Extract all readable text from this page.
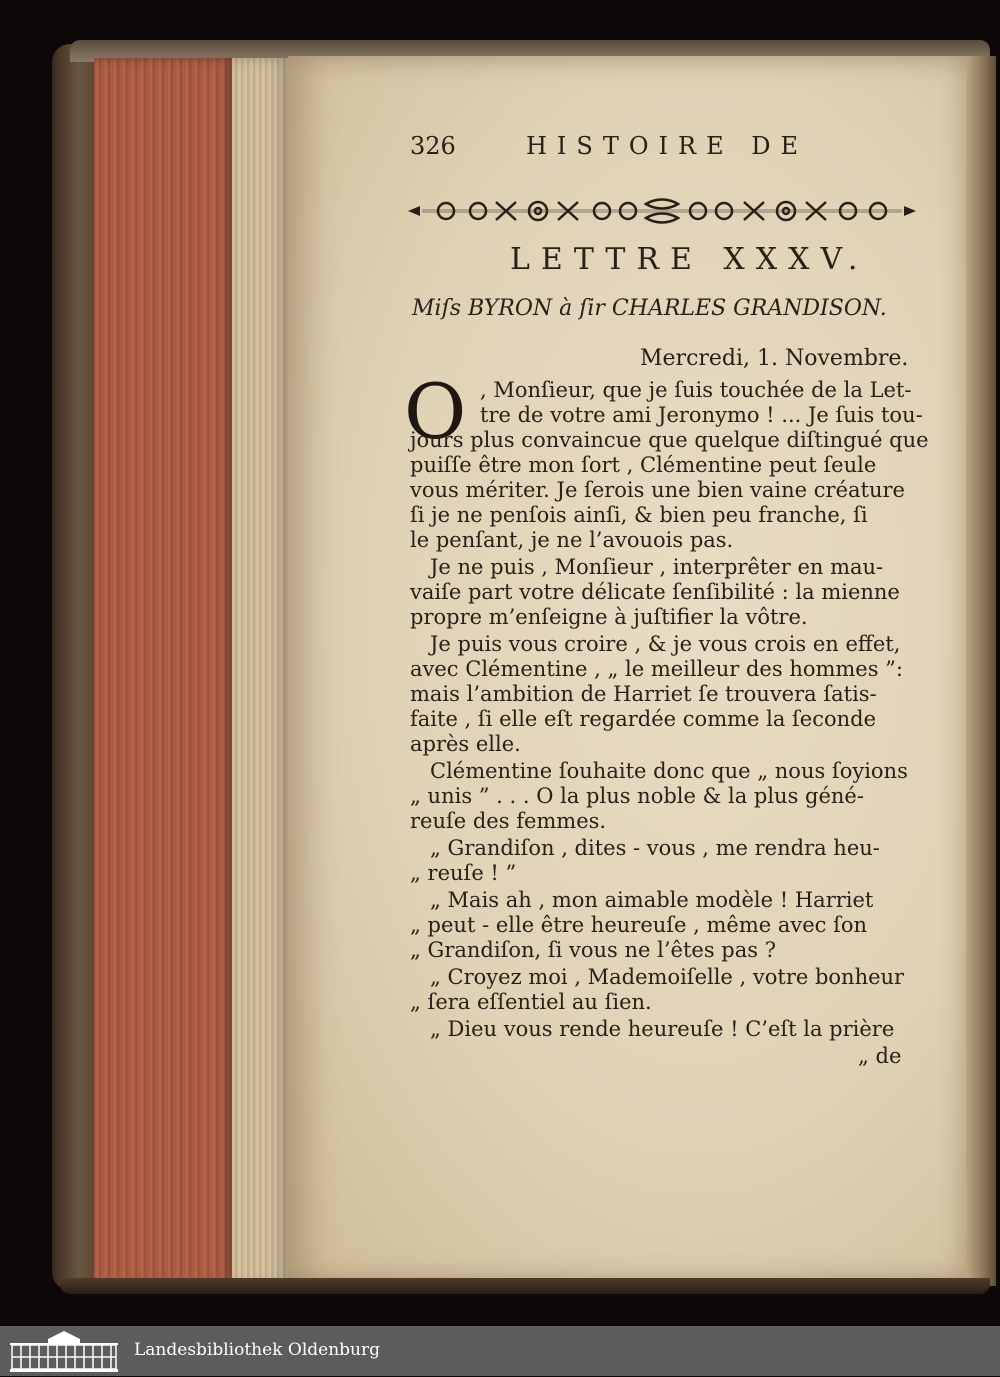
326	HISTOIRE DE
LETTRE XXXV.
Miſs BYRON à ſir CHARLES GRANDISON.
Mercredi, 1. Novembre.
O , Monſieur, que je ſuis touchée de la Let-
tre de votre ami Jeronymo ! ... Je ſuis tou-
jours plus convaincue que quelque diſtingué que
puiſſe être mon ſort , Clémentine peut ſeule
vous mériter. Je ſerois une bien vaine créature
ſi je ne penſois ainſi, & bien peu franche, ſi
le penſant, je ne l’avouois pas.
Je ne puis , Monſieur , interprêter en mau-
vaiſe part votre délicate ſenſibilité : la mienne
propre m’enſeigne à juſtifier la vôtre.
Je puis vous croire , & je vous crois en effet,
avec Clémentine , „ le meilleur des hommes ”:
mais l’ambition de Harriet ſe trouvera ſatis-
faite , ſi elle eſt regardée comme la ſeconde
après elle.
Clémentine ſouhaite donc que „ nous ſoyions
„ unis ” . . . O la plus noble & la plus géné-
reuſe des femmes.
„ Grandiſon , dites - vous , me rendra heu-
„ reuſe ! ”
„ Mais ah , mon aimable modèle ! Harriet
„ peut - elle être heureuſe , même avec ſon
„ Grandiſon, ſi vous ne l’êtes pas ?
„ Croyez moi , Mademoiſelle , votre bonheur
„ ſera eſſentiel au ſien.
„ Dieu vous rende heureuſe ! C’eſt la prière
„ de
Landesbibliothek Oldenburg
